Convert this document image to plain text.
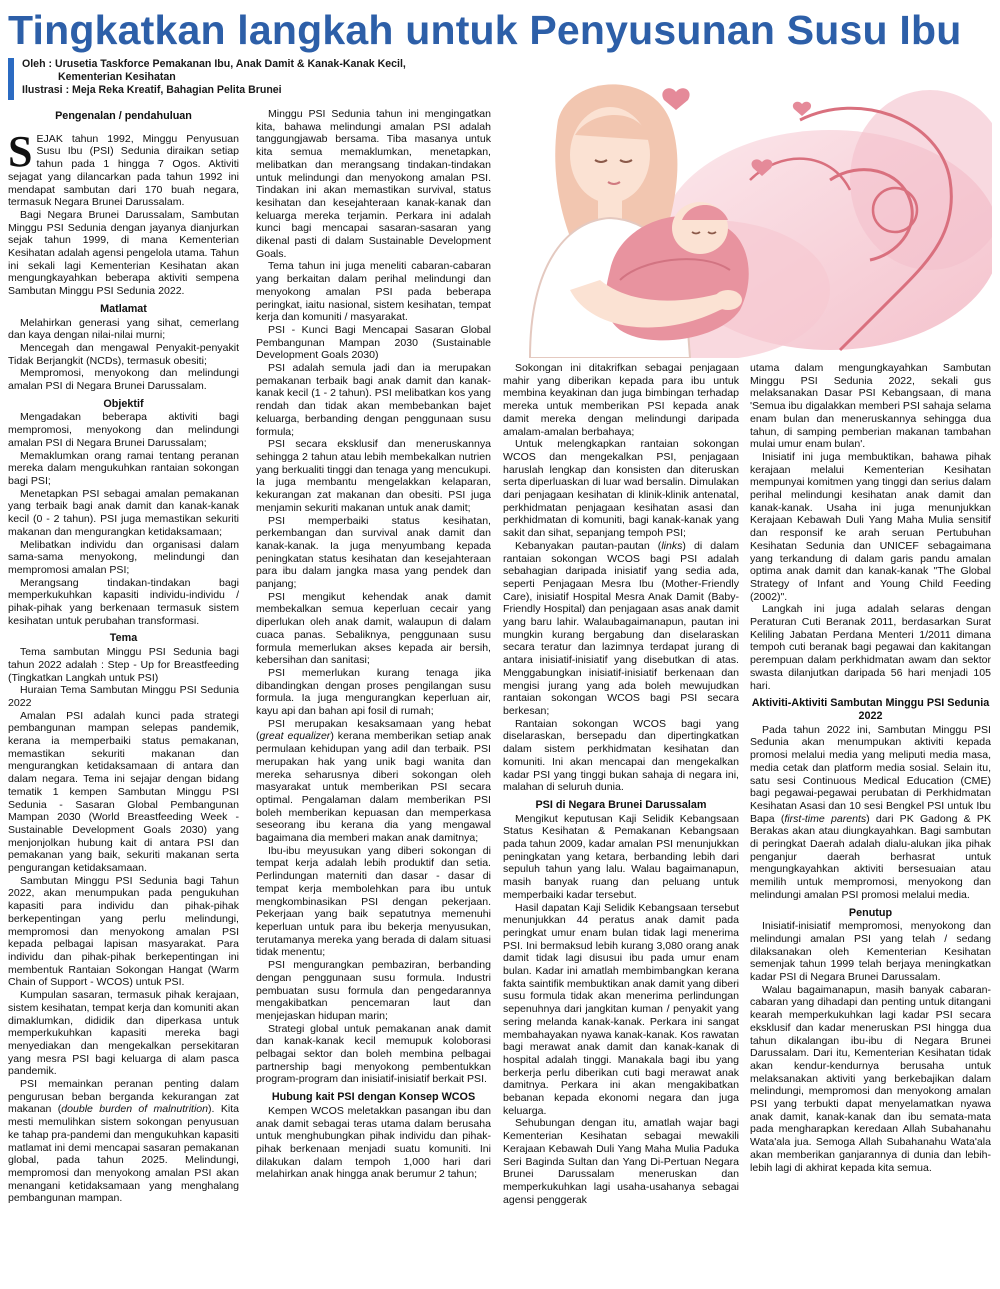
Tingkatkan langkah untuk Penyusunan Susu Ibu
Oleh : Urusetia Taskforce Pemakanan Ibu, Anak Damit & Kanak-Kanak Kecil,
Kementerian Kesihatan
Ilustrasi : Meja Reka Kreatif, Bahagian Pelita Brunei
Pengenalan / pendahuluan

SEJAK tahun 1992, Minggu Penyusuan Susu Ibu (PSI) Sedunia diraikan setiap tahun pada 1 hingga 7 Ogos. Aktiviti sejagat yang dilancarkan pada tahun 1992 ini mendapat sambutan dari 170 buah negara, termasuk Negara Brunei Darussalam.

Bagi Negara Brunei Darussalam, Sambutan Minggu PSI Sedunia dengan jayanya dianjurkan sejak tahun 1999, di mana Kementerian Kesihatan adalah agensi pengelola utama. Tahun ini sekali lagi Kementerian Kesihatan akan mengungkayahkan beberapa aktiviti sempena Sambutan Minggu PSI Sedunia 2022.

Matlamat

Melahirkan generasi yang sihat, cemerlang dan kaya dengan nilai-nilai murni;

Mencegah dan mengawal Penyakit-penyakit Tidak Berjangkit (NCDs), termasuk obesiti;

Mempromosi, menyokong dan melindungi amalan PSI di Negara Brunei Darussalam.

Objektif

Mengadakan beberapa aktiviti bagi mempromosi, menyokong dan melindungi amalan PSI di Negara Brunei Darussalam;

Memaklumkan orang ramai tentang peranan mereka dalam mengukuhkan rantaian sokongan bagi PSI;

Menetapkan PSI sebagai amalan pemakanan yang terbaik bagi anak damit dan kanak-kanak kecil (0 - 2 tahun). PSI juga memastikan sekuriti makanan dan mengurangkan ketidaksamaan;

Melibatkan individu dan organisasi dalam sama-sama menyokong, melindungi dan mempromosi amalan PSI;

Merangsang tindakan-tindakan bagi memperkukuhkan kapasiti individu-individu / pihak-pihak yang berkenaan termasuk sistem kesihatan untuk perubahan transformasi.

Tema

Tema sambutan Minggu PSI Sedunia bagi tahun 2022 adalah : Step - Up for Breastfeeding (Tingkatkan Langkah untuk PSI)

Huraian Tema Sambutan Minggu PSI Sedunia 2022

Amalan PSI adalah kunci pada strategi pembangunan mampan selepas pandemik, kerana ia memperbaiki status pemakanan, memastikan sekuriti makanan dan mengurangkan ketidaksamaan di antara dan dalam negara. Tema ini sejajar dengan bidang tematik 1 kempen Sambutan Minggu PSI Sedunia - Sasaran Global Pembangunan Mampan 2030 (World Breastfeeding Week - Sustainable Development Goals 2030) yang menjonjolkan hubung kait di antara PSI dan pemakanan yang baik, sekuriti makanan serta pengurangan ketidaksamaan.

Sambutan Minggu PSI Sedunia bagi Tahun 2022, akan menumpukan pada pengukuhan kapasiti para individu dan pihak-pihak berkepentingan yang perlu melindungi, mempromosi dan menyokong amalan PSI kepada pelbagai lapisan masyarakat. Para individu dan pihak-pihak berkepentingan ini membentuk Rantaian Sokongan Hangat (Warm Chain of Support - WCOS) untuk PSI.

Kumpulan sasaran, termasuk pihak kerajaan, sistem kesihatan, tempat kerja dan komuniti akan dimaklumkan, dididik dan diperkasa untuk memperkukuhkan kapasiti mereka bagi menyediakan dan mengekalkan persekitaran yang mesra PSI bagi keluarga di alam pasca pandemik.

PSI memainkan peranan penting dalam pengurusan beban berganda kekurangan zat makanan (double burden of malnutrition). Kita mesti memulihkan sistem sokongan penyusuan ke tahap pra-pandemi dan mengukuhkan kapasiti matlamat ini demi mencapai sasaran pemakanan global, pada tahun 2025. Melindungi, mempromosi dan menyokong amalan PSI akan menangani ketidaksamaan yang menghalang pembangunan mampan.

Minggu PSI Sedunia tahun ini mengingatkan kita, bahawa melindungi amalan PSI adalah tanggungjawab bersama. Tiba masanya untuk kita semua memaklumkan, menetapkan, melibatkan dan merangsang tindakan-tindakan untuk melindungi dan menyokong amalan PSI. Tindakan ini akan memastikan survival, status kesihatan dan kesejahteraan kanak-kanak dan keluarga mereka terjamin. Perkara ini adalah kunci bagi mencapai sasaran-sasaran yang dikenal pasti di dalam Sustainable Development Goals.

Tema tahun ini juga meneliti cabaran-cabaran yang berkaitan dalam perihal melindungi dan menyokong amalan PSI pada beberapa peringkat, iaitu nasional, sistem kesihatan, tempat kerja dan komuniti / masyarakat.

PSI - Kunci Bagi Mencapai Sasaran Global Pembangunan Mampan 2030 (Sustainable Development Goals 2030)

PSI adalah semula jadi dan ia merupakan pemakanan terbaik bagi anak damit dan kanak-kanak kecil (1 - 2 tahun). PSI melibatkan kos yang rendah dan tidak akan membebankan bajet keluarga, berbanding dengan penggunaan susu formula;

PSI secara eksklusif dan meneruskannya sehingga 2 tahun atau lebih membekalkan nutrien yang berkualiti tinggi dan tenaga yang mencukupi. Ia juga membantu mengelakkan kelaparan, kekurangan zat makanan dan obesiti. PSI juga menjamin sekuriti makanan untuk anak damit;

PSI memperbaiki status kesihatan, perkembangan dan survival anak damit dan kanak-kanak. Ia juga menyumbang kepada peningkatan status kesihatan dan kesejahteraan para ibu dalam jangka masa yang pendek dan panjang;

PSI mengikut kehendak anak damit membekalkan semua keperluan cecair yang diperlukan oleh anak damit, walaupun di dalam cuaca panas. Sebaliknya, penggunaan susu formula memerlukan akses kepada air bersih, kebersihan dan sanitasi;

PSI memerlukan kurang tenaga jika dibandingkan dengan proses pengilangan susu formula. Ia juga mengurangkan keperluan air, kayu api dan bahan api fosil di rumah;

PSI merupakan kesaksamaan yang hebat (great equalizer) kerana memberikan setiap anak permulaan kehidupan yang adil dan terbaik. PSI merupakan hak yang unik bagi wanita dan mereka seharusnya diberi sokongan oleh masyarakat untuk memberikan PSI secara optimal. Pengalaman dalam memberikan PSI boleh memberikan kepuasan dan memperkasa seseorang ibu kerana dia yang mengawal bagaimana dia memberi makan anak damitnya;

Ibu-ibu meyusukan yang diberi sokongan di tempat kerja adalah lebih produktif dan setia. Perlindungan materniti dan dasar - dasar di tempat kerja membolehkan para ibu untuk mengkombinasikan PSI dengan pekerjaan. Pekerjaan yang baik sepatutnya memenuhi keperluan untuk para ibu bekerja menyusukan, terutamanya mereka yang berada di dalam situasi tidak menentu;

PSI mengurangkan pembaziran, berbanding dengan penggunaan susu formula. Industri pembuatan susu formula dan pengedarannya mengakibatkan pencemaran laut dan menjejaskan hidupan marin;

Strategi global untuk pemakanan anak damit dan kanak-kanak kecil memupuk koloborasi pelbagai sektor dan boleh membina pelbagai partnership bagi menyokong pembentukkan program-program dan inisiatif-inisiatif berkait PSI.

Hubung kait PSI dengan Konsep WCOS

Kempen WCOS meletakkan pasangan ibu dan anak damit sebagai teras utama dalam berusaha untuk menghubungkan pihak individu dan pihak-pihak berkenaan menjadi suatu komuniti. Ini dilakukan dalam tempoh 1,000 hari dari melahirkan anak hingga anak berumur 2 tahun;

Sokongan ini ditakrifkan sebagai penjagaan mahir yang diberikan kepada para ibu untuk membina keyakinan dan juga bimbingan terhadap mereka untuk memberikan PSI kepada anak damit mereka dengan melindungi daripada amalam-amalan berbahaya;

Untuk melengkapkan rantaian sokongan WCOS dan mengekalkan PSI, penjagaan haruslah lengkap dan konsisten dan diteruskan serta diperluaskan di luar wad bersalin. Dimulakan dari penjagaan kesihatan di klinik-klinik antenatal, perkhidmatan penjagaan kesihatan asasi dan perkhidmatan di komuniti, bagi kanak-kanak yang sakit dan sihat, sepanjang tempoh PSI;

Kebanyakan pautan-pautan (links) di dalam rantaian sokongan WCOS bagi PSI adalah sebahagian daripada inisiatif yang sedia ada, seperti Penjagaan Mesra Ibu (Mother-Friendly Care), inisiatif Hospital Mesra Anak Damit (Baby-Friendly Hospital) dan penjagaan asas anak damit yang baru lahir. Walaubagaimanapun, pautan ini mungkin kurang bergabung dan diselaraskan secara teratur dan lazimnya terdapat jurang di antara inisiatif-inisiatif yang disebutkan di atas. Menggabungkan inisiatif-inisiatif berkenaan dan mengisi jurang yang ada boleh mewujudkan rantaian sokongan WCOS bagi PSI secara berkesan;

Rantaian sokongan WCOS bagi yang diselaraskan, bersepadu dan dipertingkatkan dalam sistem perkhidmatan kesihatan dan komuniti. Ini akan mencapai dan mengekalkan kadar PSI yang tinggi bukan sahaja di negara ini, malahan di seluruh dunia.

PSI di Negara Brunei Darussalam

Mengikut keputusan Kaji Selidik Kebangsaan Status Kesihatan & Pemakanan Kebangsaan pada tahun 2009, kadar amalan PSI menunjukkan peningkatan yang ketara, berbanding lebih dari sepuluh tahun yang lalu. Walau bagaimanapun, masih banyak ruang dan peluang untuk memperbaiki kadar tersebut.

Hasil dapatan Kaji Selidik Kebangsaan tersebut menunjukkan 44 peratus anak damit pada peringkat umur enam bulan tidak lagi menerima PSI. Ini bermaksud lebih kurang 3,080 orang anak damit tidak lagi disusui ibu pada umur enam bulan. Kadar ini amatlah membimbangkan kerana fakta saintifik membuktikan anak damit yang diberi susu formula tidak akan menerima perlindungan sepenuhnya dari jangkitan kuman / penyakit yang sering melanda kanak-kanak. Perkara ini sangat membahayakan nyawa kanak-kanak. Kos rawatan bagi merawat anak damit dan kanak-kanak di hospital adalah tinggi. Manakala bagi ibu yang berkerja perlu diberikan cuti bagi merawat anak damitnya. Perkara ini akan mengakibatkan bebanan kepada ekonomi negara dan juga keluarga.

Sehubungan dengan itu, amatlah wajar bagi Kementerian Kesihatan sebagai mewakili Kerajaan Kebawah Duli Yang Maha Mulia Paduka Seri Baginda Sultan dan Yang Di-Pertuan Negara Brunei Darussalam meneruskan dan memperkukuhkan lagi usaha-usahanya sebagai agensi penggerak

utama dalam mengungkayahkan Sambutan Minggu PSI Sedunia 2022, sekali gus melaksanakan Dasar PSI Kebangsaan, di mana 'Semua ibu digalakkan memberi PSI sahaja selama enam bulan dan meneruskannya sehingga dua tahun, di samping pemberian makanan tambahan mulai umur enam bulan'.

Inisiatif ini juga membuktikan, bahawa pihak kerajaan melalui Kementerian Kesihatan mempunyai komitmen yang tinggi dan serius dalam perihal melindungi kesihatan anak damit dan kanak-kanak. Usaha ini juga menunjukkan Kerajaan Kebawah Duli Yang Maha Mulia sensitif dan responsif ke arah seruan Pertubuhan Kesihatan Sedunia dan UNICEF sebagaimana yang terkandung di dalam garis pandu amalan optima anak damit dan kanak-kanak "The Global Strategy of Infant and Young Child Feeding (2002)".

Langkah ini juga adalah selaras dengan Peraturan Cuti Beranak 2011, berdasarkan Surat Keliling Jabatan Perdana Menteri 1/2011 dimana tempoh cuti beranak bagi pegawai dan kakitangan perempuan dalam perkhidmatan awam dan sektor swasta dilanjutkan daripada 56 hari menjadi 105 hari.

Aktiviti-Aktiviti Sambutan Minggu PSI Sedunia 2022

Pada tahun 2022 ini, Sambutan Minggu PSI Sedunia akan menumpukan aktiviti kepada promosi melalui media yang meliputi media masa, media cetak dan platform media sosial. Selain itu, satu sesi Continuous Medical Education (CME) bagi pegawai-pegawai perubatan di Perkhidmatan Kesihatan Asasi dan 10 sesi Bengkel PSI untuk Ibu Bapa (first-time parents) dari PK Gadong & PK Berakas akan atau diungkayahkan. Bagi sambutan di peringkat Daerah adalah dialu-alukan jika pihak penganjur daerah berhasrat untuk mengungkayahkan aktiviti bersesuaian atau memilih untuk mempromosi, menyokong dan melindungi amalan PSI promosi melalui media.

Penutup

Inisiatif-inisiatif mempromosi, menyokong dan melindungi amalan PSI yang telah / sedang dilaksanakan oleh Kementerian Kesihatan semenjak tahun 1999 telah berjaya meningkatkan kadar PSI di Negara Brunei Darussalam.

Walau bagaimanapun, masih banyak cabaran-cabaran yang dihadapi dan penting untuk ditangani kearah memperkukuhkan lagi kadar PSI secara eksklusif dan kadar meneruskan PSI hingga dua tahun dikalangan ibu-ibu di Negara Brunei Darussalam. Dari itu, Kementerian Kesihatan tidak akan kendur-kendurnya berusaha untuk melaksanakan aktiviti yang berkebajikan dalam melindungi, mempromosi dan menyokong amalan PSI yang terbukti dapat menyelamatkan nyawa anak damit, kanak-kanak dan ibu semata-mata pada mengharapkan keredaan Allah Subahanahu Wata'ala jua. Semoga Allah Subahanahu Wata'ala akan memberikan ganjarannya di dunia dan lebih-lebih lagi di akhirat kepada kita semua.
